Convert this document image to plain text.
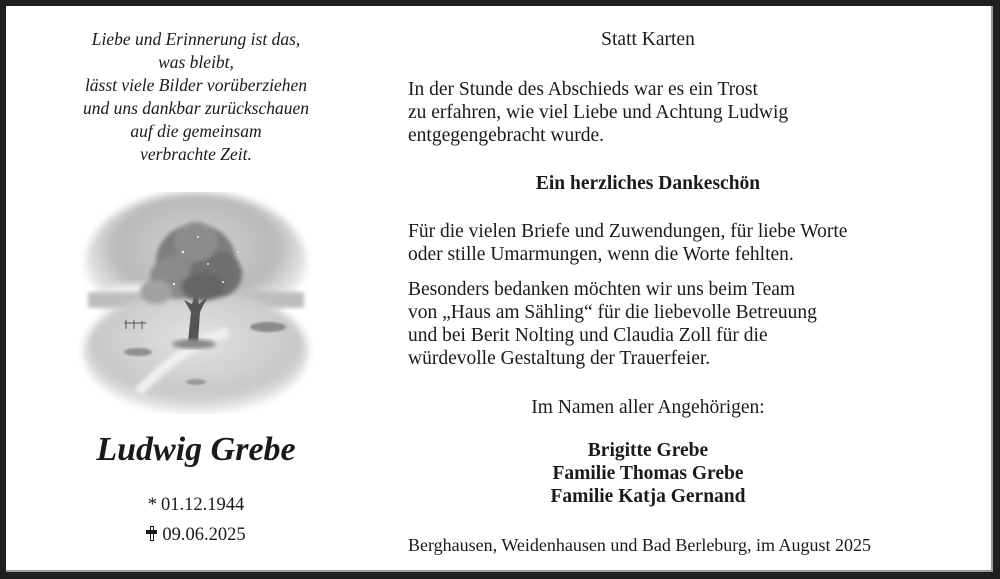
Liebe und Erinnerung ist das,
was bleibt,
lässt viele Bilder vorüberziehen
und uns dankbar zurückschauen
auf die gemeinsam
verbrachte Zeit.
Ludwig Grebe
* 01.12.1944
09.06.2025
Statt Karten
In der Stunde des Abschieds war es ein Trost
zu erfahren, wie viel Liebe und Achtung Ludwig
entgegengebracht wurde.
Ein herzliches Dankeschön
Für die vielen Briefe und Zuwendungen, für liebe Worte
oder stille Umarmungen, wenn die Worte fehlten.
Besonders bedanken möchten wir uns beim Team
von „Haus am Sähling“ für die liebevolle Betreuung
und bei Berit Nolting und Claudia Zoll für die
würdevolle Gestaltung der Trauerfeier.
Im Namen aller Angehörigen:
Brigitte Grebe
Familie Thomas Grebe
Familie Katja Gernand
Berghausen, Weidenhausen und Bad Berleburg, im August 2025
